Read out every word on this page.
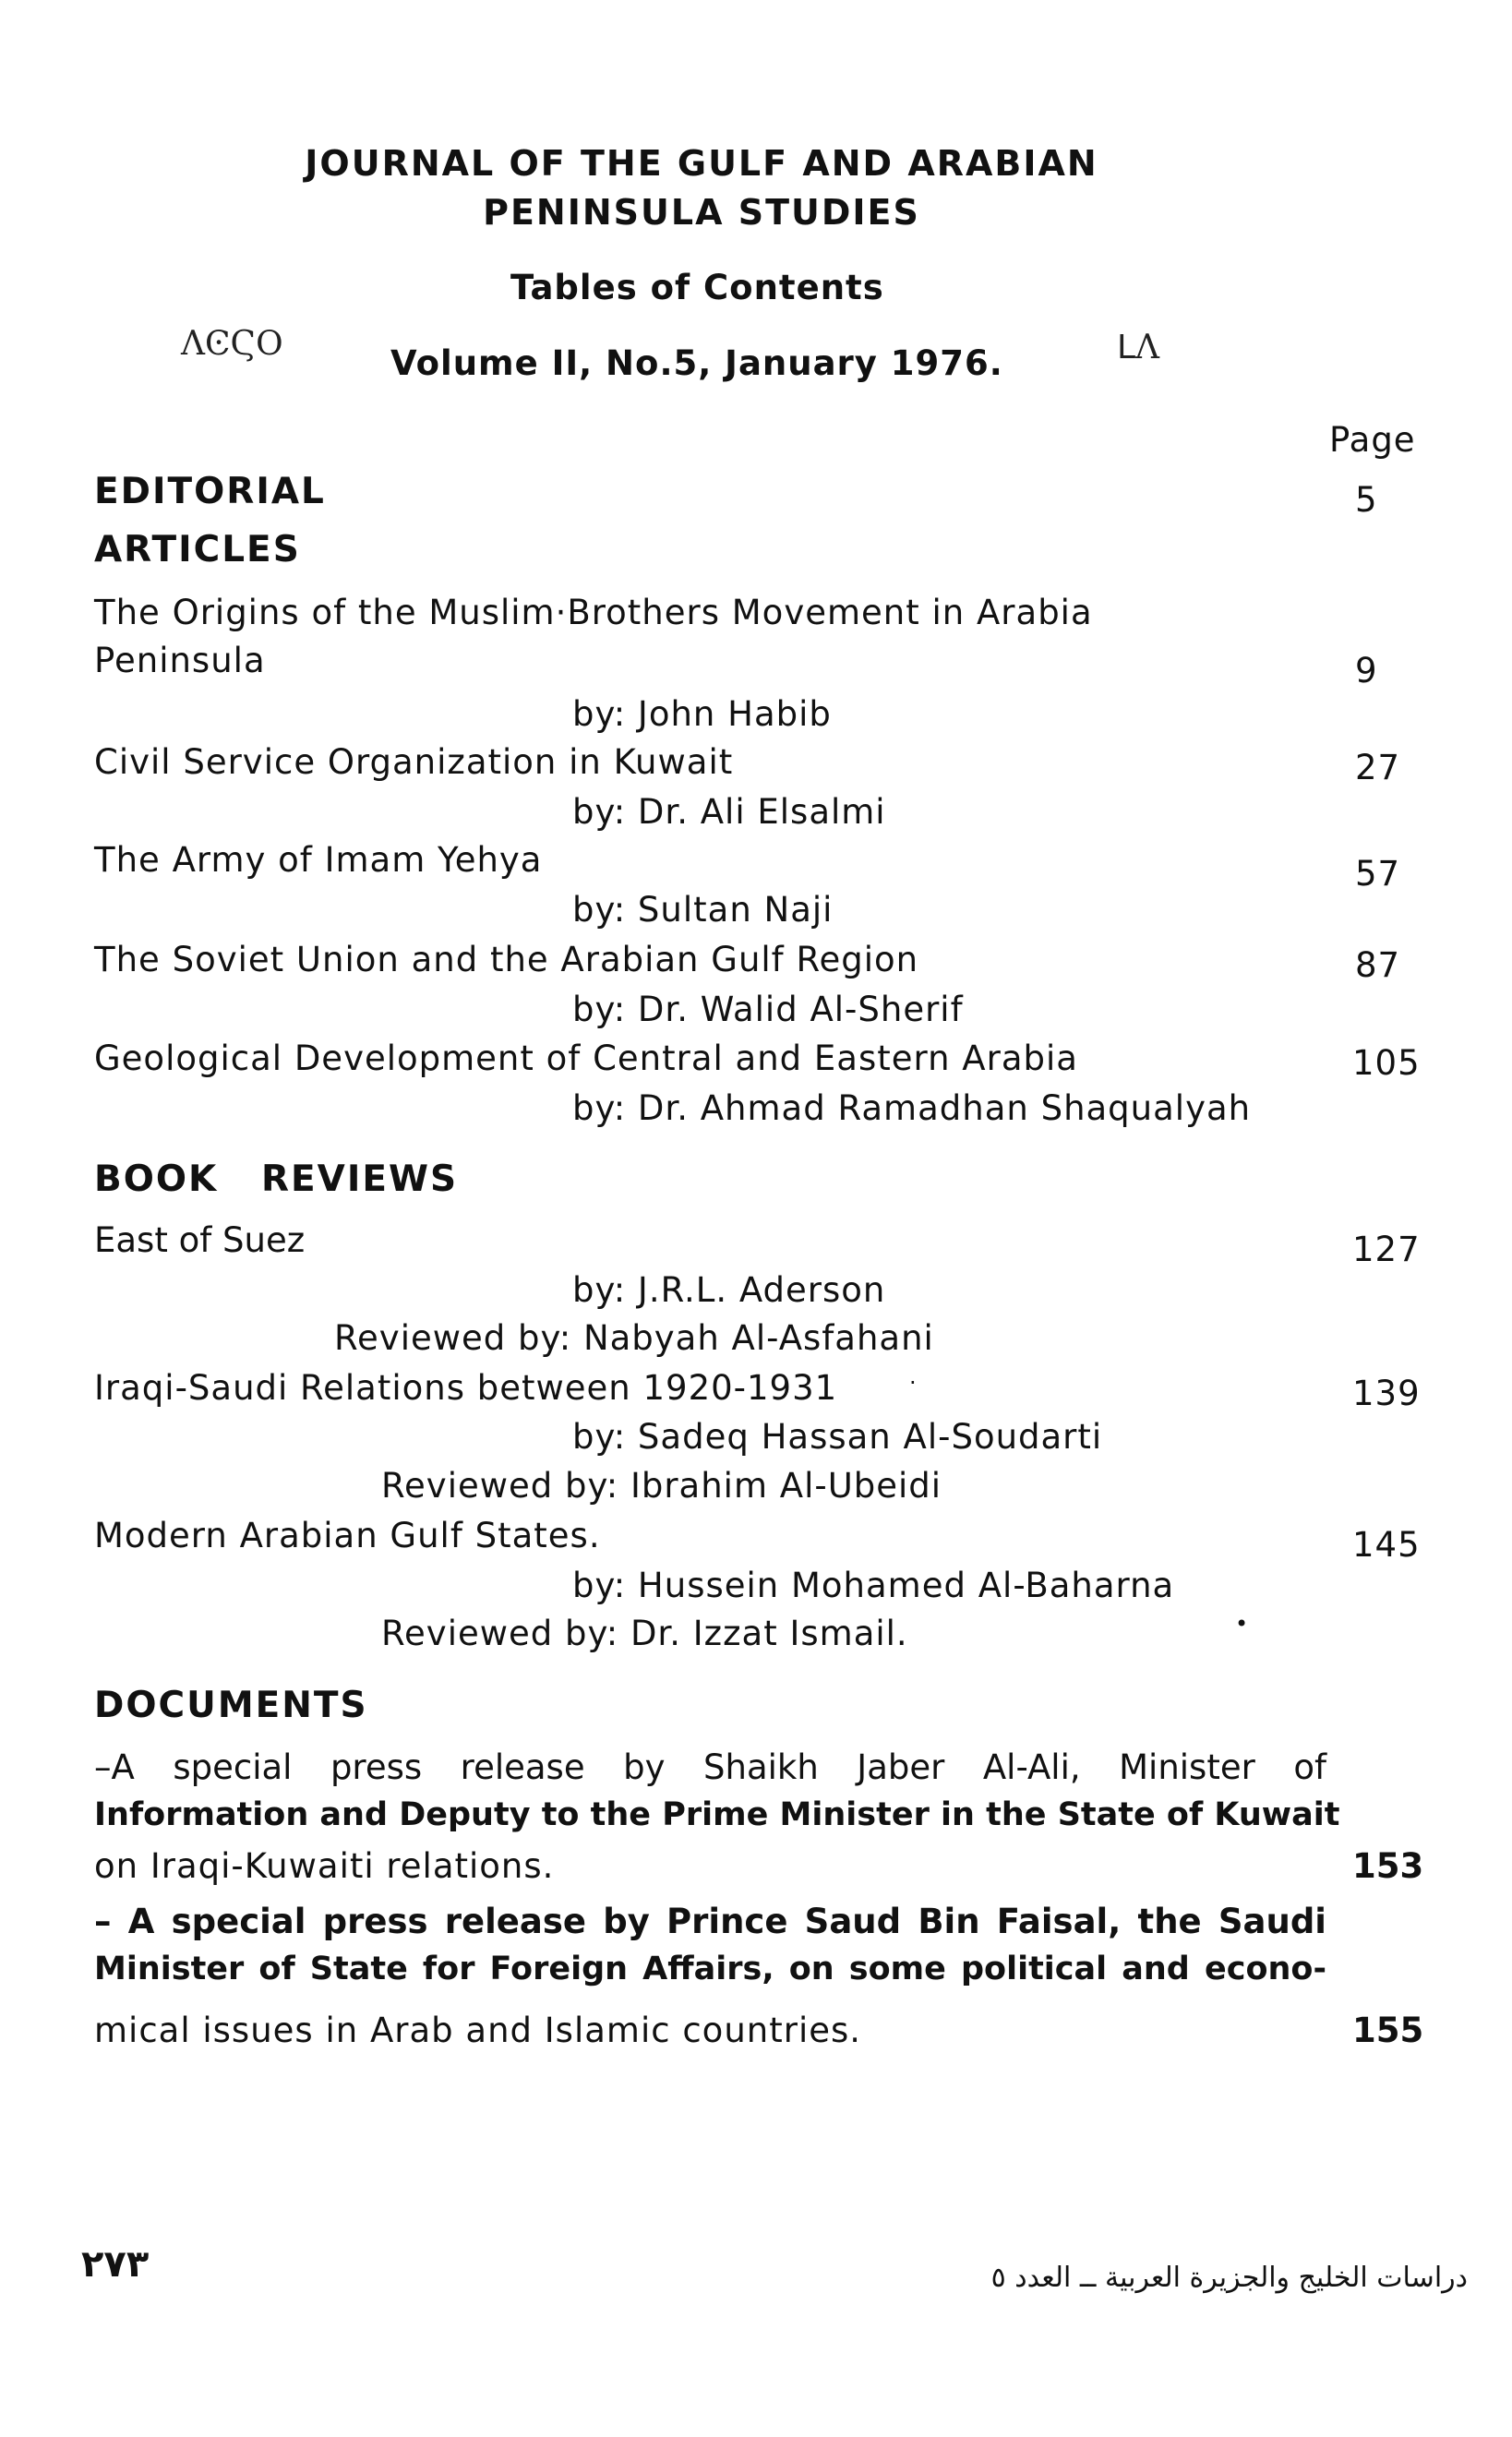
JOURNAL OF THE GULF AND ARABIAN
PENINSULA STUDIES
Tables of Contents
ΛϾϚΟ	Volume II, No.5, January 1976.	ᒪΛ
Page
EDITORIAL	5
ARTICLES
The Origins of the Muslim·Brothers Movement in Arabia
Peninsula	9
by: John Habib
Civil Service Organization in Kuwait	27
by: Dr. Ali Elsalmi
The Army of Imam Yehya	57
by: Sultan Naji
The Soviet Union and the Arabian Gulf Region	87
by: Dr. Walid Al-Sherif
Geological Development of Central and Eastern Arabia	105
by: Dr. Ahmad Ramadhan Shaqualyah
BOOK   REVIEWS
East of Suez	127
by: J.R.L. Aderson
Reviewed by: Nabyah Al-Asfahani
Iraqi-Saudi Relations between 1920-1931	·	139
by: Sadeq Hassan Al-Soudarti
Reviewed by: Ibrahim Al-Ubeidi
Modern Arabian Gulf States.	145
by: Hussein Mohamed Al-Baharna
Reviewed by: Dr. Izzat Ismail.	•
DOCUMENTS
–A special press release by Shaikh Jaber Al-Ali, Minister of
Information and Deputy to the Prime Minister in the State of Kuwait
on Iraqi-Kuwaiti relations.	153
– A special press release by Prince Saud Bin Faisal, the Saudi
Minister of State for Foreign Affairs, on some political and econo-
mical issues in Arab and Islamic countries.	155
٢٧٣	دراسات الخليج والجزيرة العربية ــ العدد ٥
